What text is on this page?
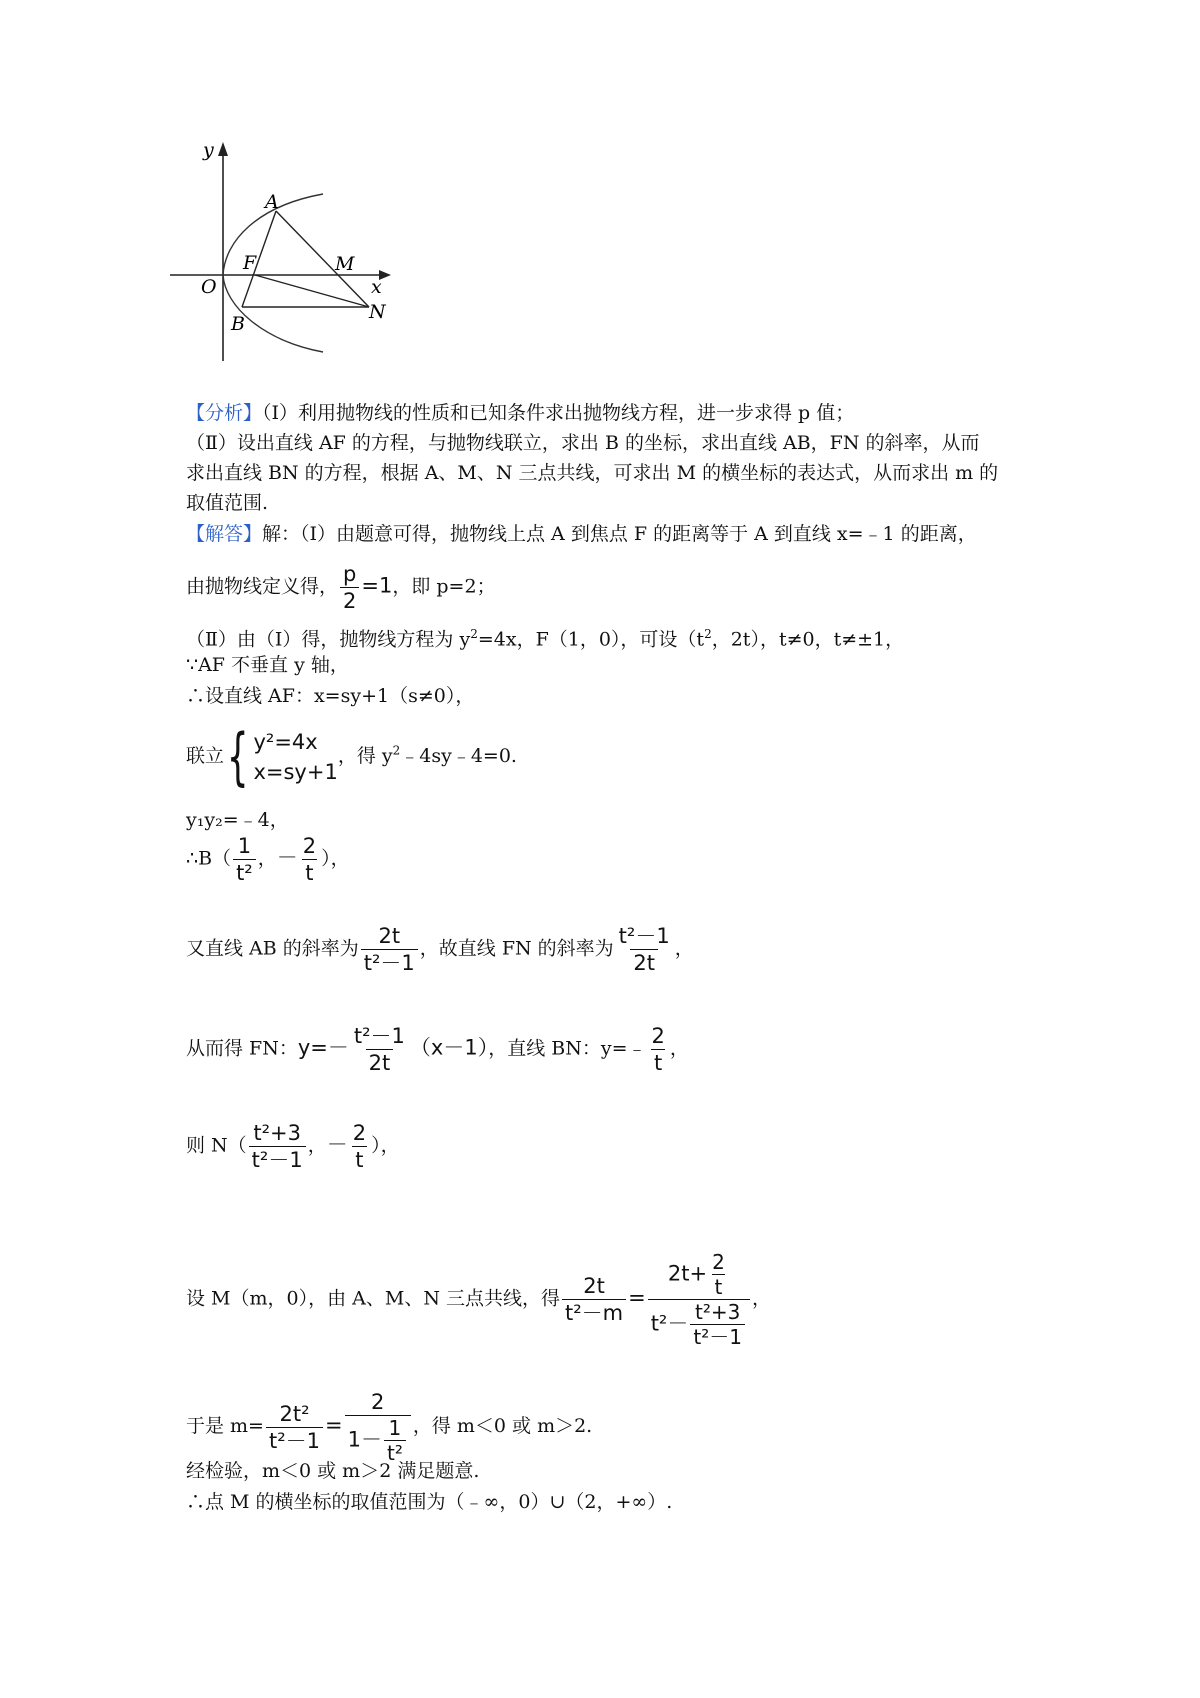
y
x
O
F
A
B
M
N
【分析】（Ⅰ）利用抛物线的性质和已知条件求出抛物线方程，进一步求得 p 值；
（Ⅱ）设出直线 AF 的方程，与抛物线联立，求出 B 的坐标，求出直线 AB，FN 的斜率，从而
求出直线 BN 的方程，根据 A、M、N 三点共线，可求出 M 的横坐标的表达式，从而求出 m 的
取值范围.
【解答】解：（Ⅰ）由题意可得，抛物线上点 A 到焦点 F 的距离等于 A 到直线 x=﹣1 的距离，
由抛物线定义得， $\frac{p}{2} =1$，即 p=2；
（Ⅱ）由（Ⅰ）得，抛物线方程为 $y^2=4x$，F（1，0），可设（$t^2$，2t），t≠0，t≠±1，
∵AF 不垂直 y 轴，
∴设直线 AF：x=sy+1（s≠0），
联立 { y²=4x
x=sy+1
，得 $y^2﹣4sy﹣4=0$.
y₁y₂=﹣4，
∴B（ $\frac{1}{\text{t²}}$ ，－ $\frac{2}{t}$ ），
又直线 AB 的斜率为 $\frac{2t}{\text{t²－1}}$ ，故直线 FN 的斜率为 $\frac{\text{t²－1}}{2t}$ ，
从而得 FN：$y=- \frac{\text{t²－1}}{2t} (x-1)$，直线 BN：y=﹣ $\frac{2}{t}$ ，
则 $N( \frac{\text{t²+3}}{\text{t²－1}}$ ，－ $\frac{2}{t}$ ），
设 M（m，0），由 A、M、N 三点共线，得 $\frac{2t}{\text{t²－m}} = \frac{2t+ \frac{2}{t}}{t^2- \frac{\text{t²+3}}{\text{t²－1}}}$ ，
于是 $m= \frac{\text{2t²}}{\text{t²－1}} = \frac{2}{1- \frac{1}{\text{t²}}}$ ，得 m＜0 或 m＞2.
经检验，m＜0 或 m＞2 满足题意.
∴点 M 的横坐标的取值范围为（﹣∞，0）∪（2，+∞）.
